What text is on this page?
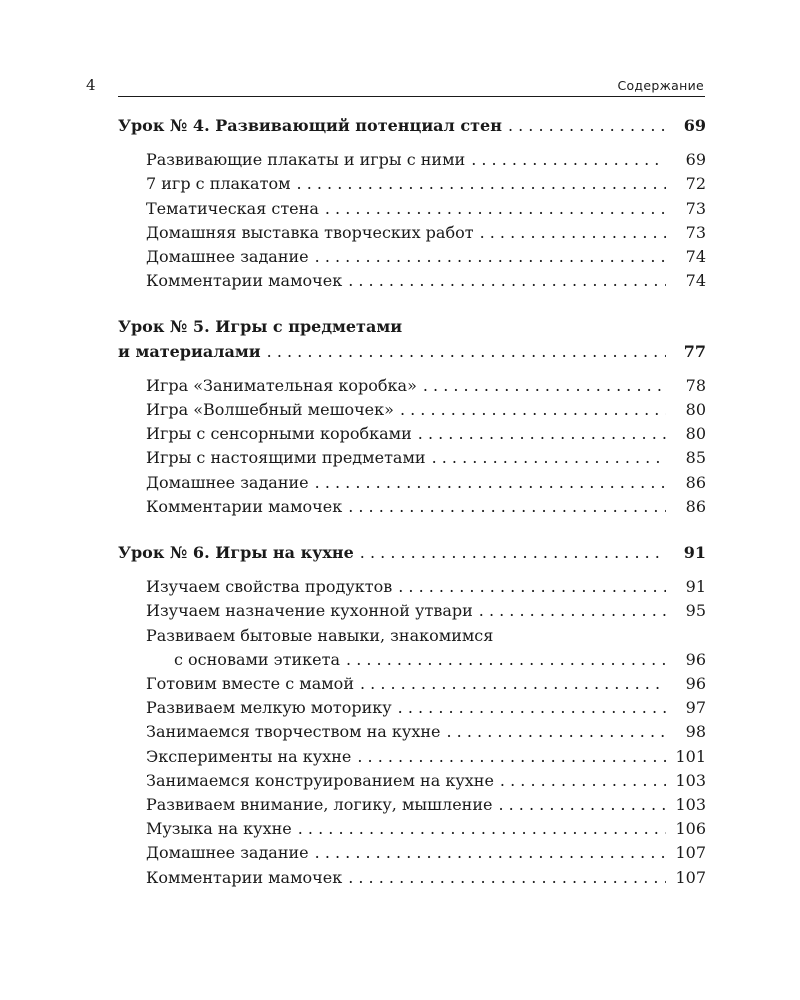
4	Содержание
Урок № 4. Развивающий потенциал стен . . .	69
Развивающие плакаты и игры с ними . . .	69
7 игр с плакатом . . .	72
Тематическая стена . . .	73
Домашняя выставка творческих работ . . .	73
Домашнее задание . . .	74
Комментарии мамочек . . .	74
Урок № 5. Игры с предметами
и материалами . . .	77
Игра «Занимательная коробка» . . .	78
Игра «Волшебный мешочек» . . .	80
Игры с сенсорными коробками . . .	80
Игры с настоящими предметами . . .	85
Домашнее задание . . .	86
Комментарии мамочек . . .	86
Урок № 6. Игры на кухне . . .	91
Изучаем свойства продуктов . . .	91
Изучаем назначение кухонной утвари . . .	95
Развиваем бытовые навыки, знакомимся
с основами этикета . . .	96
Готовим вместе с мамой . . .	96
Развиваем мелкую моторику . . .	97
Занимаемся творчеством на кухне . . .	98
Эксперименты на кухне . . .	101
Занимаемся конструированием на кухне . . .	103
Развиваем внимание, логику, мышление . . .	103
Музыка на кухне . . .	106
Домашнее задание . . .	107
Комментарии мамочек . . .	107
